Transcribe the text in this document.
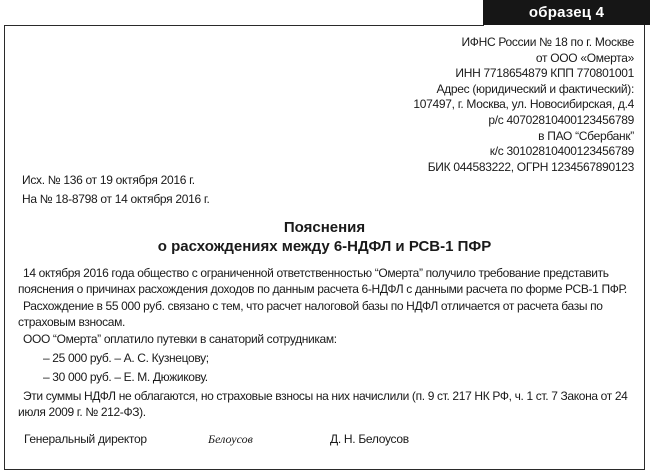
образец 4
ИФНС России № 18 по г. Москве
от ООО «Омерта»
ИНН 7718654879 КПП 770801001
Адрес (юридический и фактический):
107497, г. Москва, ул. Новосибирская, д.4
р/с 40702810400123456789
в ПАО “Сбербанк”
к/с 30102810400123456789
БИК 044583222, ОГРН 1234567890123
Исх. № 136 от 19 октября 2016 г.
На № 18-8798 от 14 октября 2016 г.
Пояснения
о расхождениях между 6-НДФЛ и РСВ-1 ПФР

14 октября 2016 года общество с ограниченной ответственностью “Омерта” получило требование представить пояснения о причинах расхождения доходов по данным расчета 6-НДФЛ с данными расчета по форме РСВ-1 ПФР.

Расхождение в 55 000 руб. связано с тем, что расчет налоговой базы по НДФЛ отличается от расчета базы по страховым взносам.

ООО “Омерта” оплатило путевки в санаторий сотрудникам:

– 25 000 руб. – А. С. Кузнецову;

– 30 000 руб. – Е. М. Дюжикову.

Эти суммы НДФЛ не облагаются, но страховые взносы на них начислили (п. 9 ст. 217 НК РФ, ч. 1 ст. 7 Закона от 24 июля 2009 г. № 212-ФЗ).

Генеральный директор	Белоусов	Д. Н. Белоусов
